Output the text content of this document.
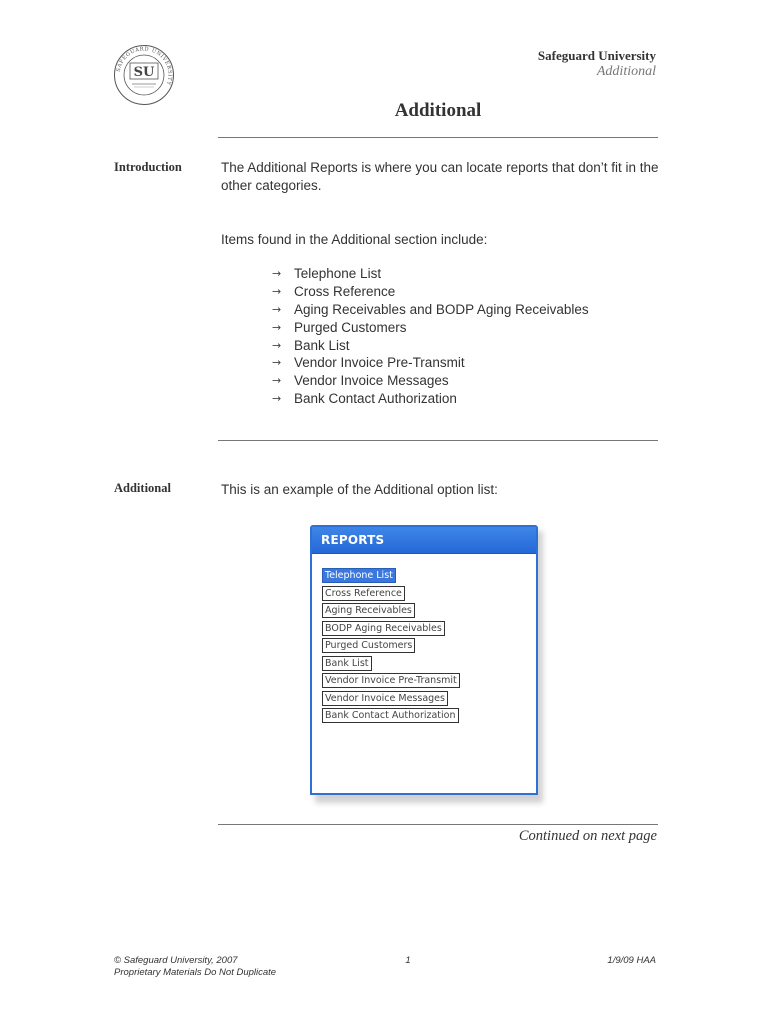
SAFEGUARD UNIVERSITY
SU
Safeguard University
Additional
Additional
Introduction	The Additional Reports is where you can locate reports that don’t fit in the other categories.

Items found in the Additional section include:

→ Telephone List
→ Cross Reference
→ Aging Receivables and BODP Aging Receivables
→ Purged Customers
→ Bank List
→ Vendor Invoice Pre-Transmit
→ Vendor Invoice Messages
→ Bank Contact Authorization
Additional	This is an example of the Additional option list:

REPORTS
Telephone List
Cross Reference
Aging Receivables
BODP Aging Receivables
Purged Customers
Bank List
Vendor Invoice Pre-Transmit
Vendor Invoice Messages
Bank Contact Authorization
Continued on next page
© Safeguard University, 2007
Proprietary Materials Do Not Duplicate
1	1/9/09 HAA
